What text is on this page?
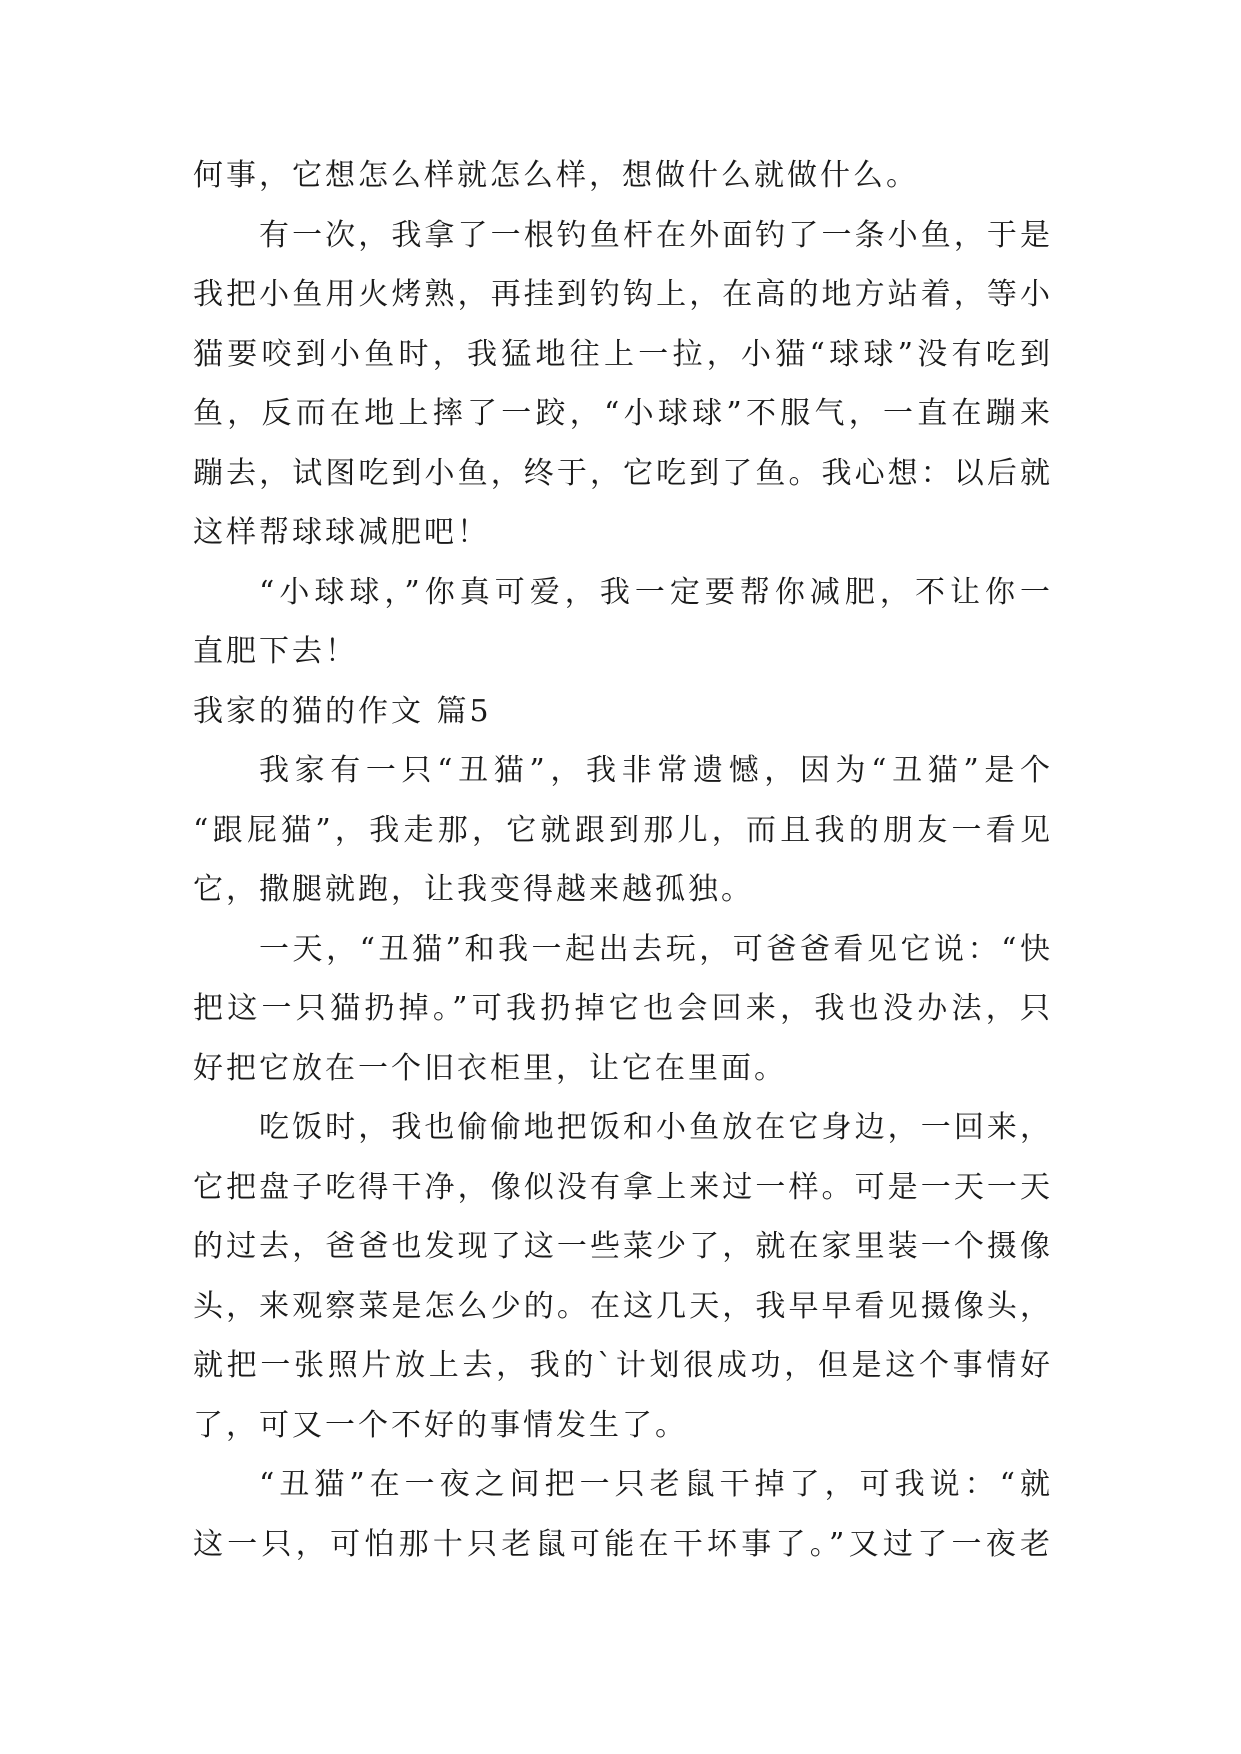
何事，它想怎么样就怎么样，想做什么就做什么。
有一次，我拿了一根钓鱼杆在外面钓了一条小鱼，于是
我把小鱼用火烤熟，再挂到钓钩上，在高的地方站着，等小
猫要咬到小鱼时，我猛地往上一拉，小猫“球球”没有吃到
鱼，反而在地上摔了一跤，“小球球”不服气，一直在蹦来
蹦去，试图吃到小鱼，终于，它吃到了鱼。我心想：以后就
这样帮球球减肥吧！
“小球球，”你真可爱，我一定要帮你减肥，不让你一
直肥下去！
我家的猫的作文 篇5
我家有一只“丑猫”，我非常遗憾，因为“丑猫”是个
“跟屁猫”，我走那，它就跟到那儿，而且我的朋友一看见
它，撒腿就跑，让我变得越来越孤独。
一天，“丑猫”和我一起出去玩，可爸爸看见它说：“快
把这一只猫扔掉。”可我扔掉它也会回来，我也没办法，只
好把它放在一个旧衣柜里，让它在里面。
吃饭时，我也偷偷地把饭和小鱼放在它身边，一回来，
它把盘子吃得干净，像似没有拿上来过一样。可是一天一天
的过去，爸爸也发现了这一些菜少了，就在家里装一个摄像
头，来观察菜是怎么少的。在这几天，我早早看见摄像头，
就把一张照片放上去，我的`计划很成功，但是这个事情好
了，可又一个不好的事情发生了。
“丑猫”在一夜之间把一只老鼠干掉了，可我说：“就
这一只，可怕那十只老鼠可能在干坏事了。”又过了一夜老
